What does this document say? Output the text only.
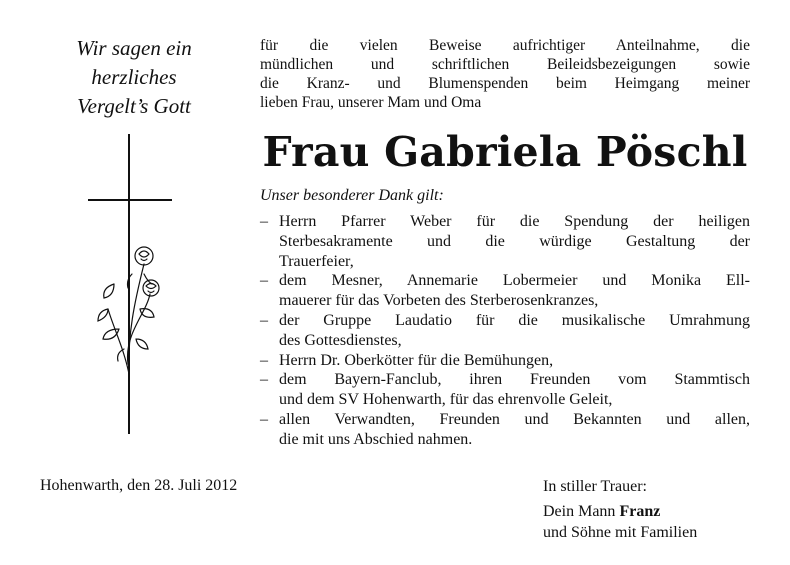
Wir sagen ein
herzliches
Vergelt’s Gott
für die vielen Beweise aufrichtiger Anteilnahme, die
mündlichen und schriftlichen Beileidsbezeigungen sowie
die Kranz- und Blumenspenden beim Heimgang meiner
lieben Frau, unserer Mam und Oma
Frau Gabriela Pöschl
Unser besonderer Dank gilt:
– Herrn Pfarrer Weber für die Spendung der heiligen
Sterbesakramente und die würdige Gestaltung der
Trauerfeier,
– dem Mesner, Annemarie Lobermeier und Monika Ell-
mauerer für das Vorbeten des Sterberosenkranzes,
– der Gruppe Laudatio für die musikalische Umrahmung
des Gottesdienstes,
– Herrn Dr. Oberkötter für die Bemühungen,
– dem Bayern-Fanclub, ihren Freunden vom Stammtisch
und dem SV Hohenwarth, für das ehrenvolle Geleit,
– allen Verwandten, Freunden und Bekannten und allen,
die mit uns Abschied nahmen.
Hohenwarth, den 28. Juli 2012	In stiller Trauer:
Dein Mann Franz
und Söhne mit Familien
